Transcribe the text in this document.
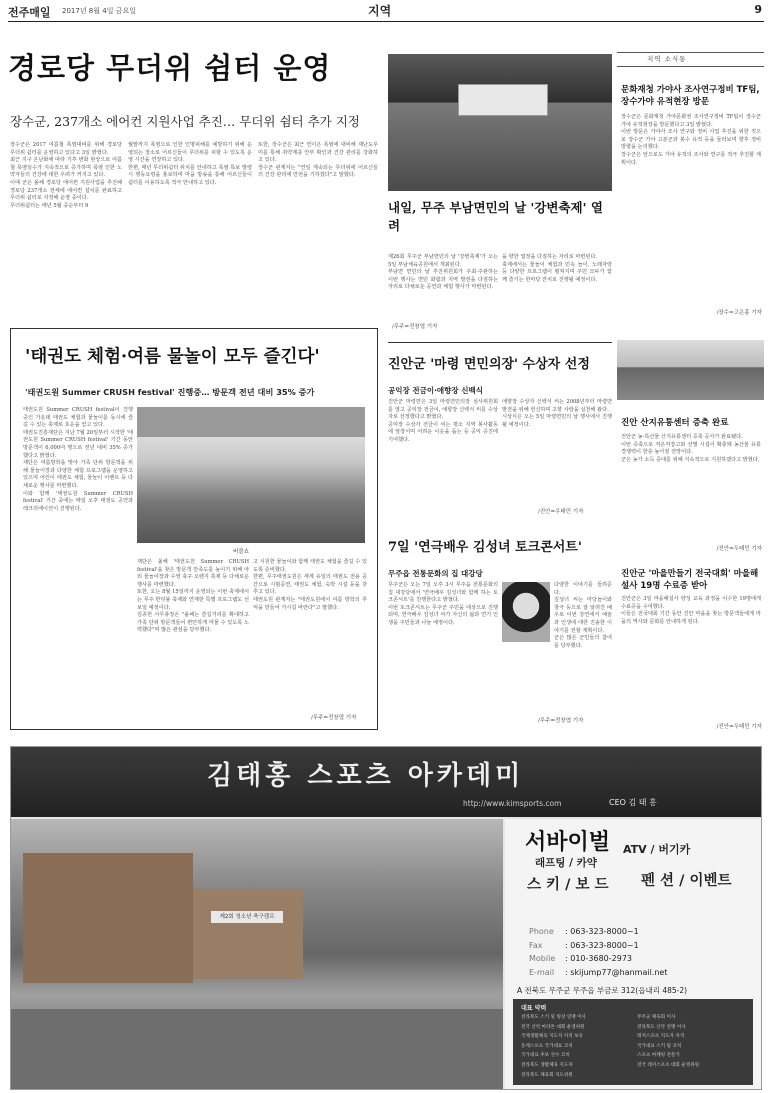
전주매일 2017년 8월 4일 금요일	지역	9
경로당 무더위 쉼터 운영
장수군, 237개소 에어컨 지원사업 추진… 무더위 쉼터 추가 지정

장수군은 2017 여름철 폭염대비를 위해 경로당 무더위 쉼터를 운영하고 있다고 3일 밝혔다.
최근 지구 온난화에 따라 기후 변화 현상으로 여름철 폭염일수가 지속적으로 증가하며 폭염 인한 노약자들의 건강에 대한 우려가 커지고 있다.
이에 군은 올해 경로당 에어컨 지원사업을 추진해 경로당 237개소 전체에 에어컨 설치를 완료하고 무더위 쉼터로 지정해 운영 중이다.
무더위쉼터는 매년 5월 중순부터 9

월말까지 폭염으로 인한 인명피해를 예방하기 위해 운영되는 장소로 어르신들이 무더위를 피할 수 있도록 운영 시간을 연장하고 있다.
한편, 매년 무더위쉼터 위치를 안내하고 폭염 특보 발령 시 행동요령을 홍보하며 마을 방송을 통해 어르신들이 쉼터를 이용하도록 적극 안내하고 있다.

또한, 장수군은 최근 연이은 폭염에 대비해 재난도우미를 통해 취약계층 안부 확인과 건강 관리를 강화하고 있다.
장수군 관계자는 "연일 계속되는 무더위에 어르신들의 건강 관리에 만전을 기하겠다"고 말했다.

내일, 무주 부남면민의 날 '강변축제' 열려

제26회 무주군 부남면민의 날 '강변축제'가 오는 5일 부남체육공원에서 개최된다.
부남면 면민의 날 추진위원회가 주최·주관하는 이번 행사는 면민 화합과 지역 발전을 다짐하는 자리로 다채로운 공연과 체험 행사가 마련된다.

을 향한 열정을 다짐하는 자리로 마련된다.
축제에서는 물놀이 체험과 민속 놀이, 노래자랑 등 다양한 프로그램이 펼쳐지며 주민 모두가 함께 즐기는 한마당 잔치로 진행될 예정이다.

/무주=전창엽 기자
지역 소식통
문화재청 가야사 조사연구정비 TF팀, 장수가야 유적현장 방문

장수군은 문화재청 가야문화권 조사연구정비 TF팀이 장수군 가야 유적현장을 방문했다고 3일 밝혔다.
이번 방문은 가야사 조사 연구와 정비 사업 추진을 위한 것으로 장수군 가야 고분군과 봉수 유적 등을 둘러보며 향후 정비 방향을 논의했다.
장수군은 앞으로도 가야 유적의 조사와 연구를 적극 추진할 계획이다.

/장수=고은홍 기자
진안 산지유통센터 증축 완료

진안군 농·특산물 산지유통센터 증축 공사가 완료됐다.
이번 증축으로 저온저장고와 선별 시설이 확충돼 농산물 유통 경쟁력이 한층 높아질 전망이다.
군은 농가 소득 증대를 위해 지속적으로 지원하겠다고 밝혔다.

/진안=우태민 기자
진안군 '마을만들기 전국대회' 마을해설사 19명 수료증 받아

진안군은 3일 마을해설사 양성 교육 과정을 이수한 19명에게 수료증을 수여했다.
이들은 전국대회 기간 동안 진안 마을을 찾는 방문객들에게 마을의 역사와 문화를 안내하게 된다.

/진안=우태민 기자
'태권도 체험·여름 물놀이 모두 즐긴다'
'태권도원 Summer CRUSH festival' 진행중… 방문객 전년 대비 35% 증가

태권도원 Summer CRUSH festival이 진행 중인 가운데 태권도 체험과 물놀이를 동시에 즐길 수 있는 축제로 호응을 얻고 있다.
태권도진흥재단은 지난 7월 20일부터 시작한 '태권도원 Summer CRUSH festival' 기간 동안 방문객이 6,000여 명으로 전년 대비 35% 증가했다고 밝혔다.
재단은 여름방학을 맞아 가족 단위 방문객을 위해 물놀이장과 다양한 체험 프로그램을 운영하고 있으며 어린이 태권도 체험, 물놀이 이벤트 등 다채로운 행사를 마련했다.
이와 함께 '태권도원 Summer CRUSH festival' 기간 중에는 매일 오후 태권도 공연과 레크리에이션이 진행된다.

버블쇼

재단은 올해 '태권도원 Summer CRUSH festival'을 찾은 방문객 만족도를 높이기 위해 야외 물놀이장과 수영 축구·오렌지 축제 등 다채로운 행사를 마련했다.
또한, 오는 8월 15일까지 운영되는 이번 축제에서는 무주 반딧불 축제와 연계한 특별 프로그램도 선보일 예정이다.
김종헌 사무총장은 "올해는 즐길거리를 확대하고 가족 단위 방문객들이 편안하게 머물 수 있도록 노력했다"며 많은 관심을 당부했다.

고 시원한 물놀이와 함께 태권도 체험을 즐길 수 있도록 준비했다.
한편, 무주태권도원은 세계 유일의 태권도 전용 공간으로 시범공연, 태권도 체험, 숙박 시설 등을 갖추고 있다.
태권도원 관계자는 "태권도원에서 여름 방학의 추억을 만들어 가시길 바란다"고 말했다.

/무주=전창엽 기자
진안군 '마령 면민의장' 수상자 선정
공익장 전금이·애향장 신백식

진안군 마령면은 3일 마령면민의장 심사위원회를 열고 공익장 전금이, 애향장 신백식 씨를 수상자로 선정했다고 밝혔다.
공익장 수상자 전금이 씨는 평소 지역 봉사활동에 앞장서며 어려운 이웃을 돕는 등 공익 증진에 기여했다.

애향장 수상자 신백식 씨는 2008년부터 마령면 발전을 위해 헌신하며 고향 사랑을 실천해 왔다.
시상식은 오는 5일 마령면민의 날 행사에서 진행될 예정이다.

/진안=우태민 기자
7일 '연극배우 김성녀 토크콘서트'
무주읍 전통문화의 집 대강당

무주군은 오는 7일 오후 3시 무주읍 전통문화의 집 대강당에서 '연극배우 김성녀와 함께 하는 토크콘서트'를 진행한다고 밝혔다.
이번 토크콘서트는 무주군 주민을 대상으로 진행되며, 연극배우 김성녀 씨가 자신의 삶과 연기 인생을 주민들과 나눌 예정이다.

다양한 이야기를 들려준다.
김성녀 씨는 마당놀이와 창극 등으로 잘 알려진 배우로 이번 강연에서 예술과 인생에 대한 진솔한 이야기를 전할 계획이다.
군은 많은 군민들의 참여를 당부했다.

/무주=전창엽 기자
김태홍 스포츠 아카데미
http://www.kimsports.com	CEO 김 태 홍
제2회 청소년 축구캠프
서바이벌
래프팅 / 카약
ATV / 버기카
스 키 / 보 드 펜 션 / 이벤트
Phone : 063-323-8000~1
Fax	: 063-323-8000~1
Mobile : 010-3680-2973
E-mail : skijump77@hanmail.net
A 전북도 무주군 무주읍 부금로 312(읍내리 485-2)
대표 약력
전라북도 스키 및 빙상 연맹 이사
전국 산악 마라톤 대회 운영위원
국제생활체육 지도자 자격 보유
동계스포츠 국가대표 코치
국가대표 후보 선수 코치
전라북도 생활체육 지도자
전라북도 체육회 지도위원
무주군 체육회 이사
전라북도 산악 연맹 이사
레저스포츠 지도자 자격
국가대표 스키 팀 코치
스포츠 마케팅 전문가
전국 레저스포츠 대회 운영위원
